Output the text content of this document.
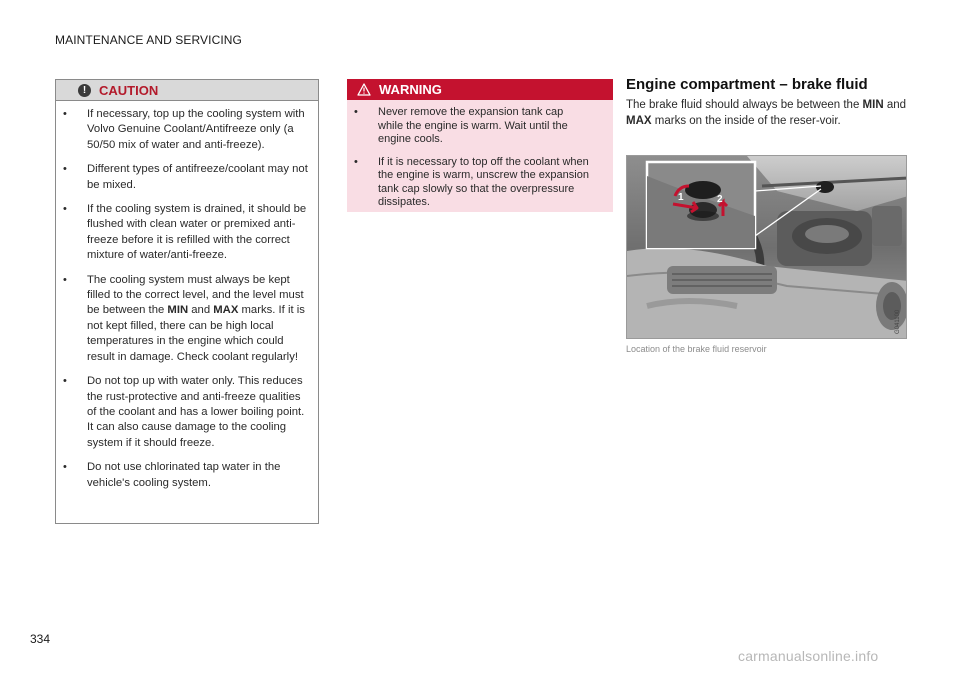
MAINTENANCE AND SERVICING
! CAUTION
• If necessary, top up the cooling system with Volvo Genuine Coolant/Antifreeze only (a 50/50 mix of water and anti-freeze).
• Different types of antifreeze/coolant may not be mixed.
• If the cooling system is drained, it should be flushed with clean water or premixed anti-freeze before it is refilled with the correct mixture of water/anti-freeze.
• The cooling system must always be kept filled to the correct level, and the level must be between the MIN and MAX marks. If it is not kept filled, there can be high local temperatures in the engine which could result in damage. Check coolant regularly!
• Do not top up with water only. This reduces the rust-protective and anti-freeze qualities of the coolant and has a lower boiling point. It can also cause damage to the cooling system if it should freeze.
• Do not use chlorinated tap water in the vehicle's cooling system.
WARNING
• Never remove the expansion tank cap while the engine is warm. Wait until the engine cools.
• If it is necessary to top off the coolant when the engine is warm, unscrew the expansion tank cap slowly so that the overpressure dissipates.
Engine compartment – brake fluid
The brake fluid should always be between the MIN and MAX marks on the inside of the reser-voir.
1	2
G041100
Location of the brake fluid reservoir
334
carmanualsonline.info
